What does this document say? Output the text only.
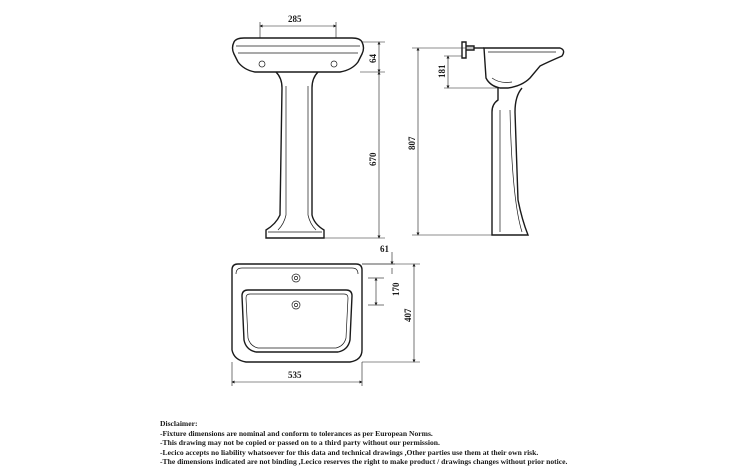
285
64
670
181
807
61
170
407
535
Disclaimer:
-Fixture dimensions are nominal and conform to tolerances as per European Norms.
-This drawing may not be copied or passed on to a third party without our permission.
-Lecico accepts no liability whatsoever for this data and technical drawings ,Other parties use them at their own risk.
-The dimensions indicated are not binding ,Lecico reserves the right to make product / drawings changes without prior notice.
